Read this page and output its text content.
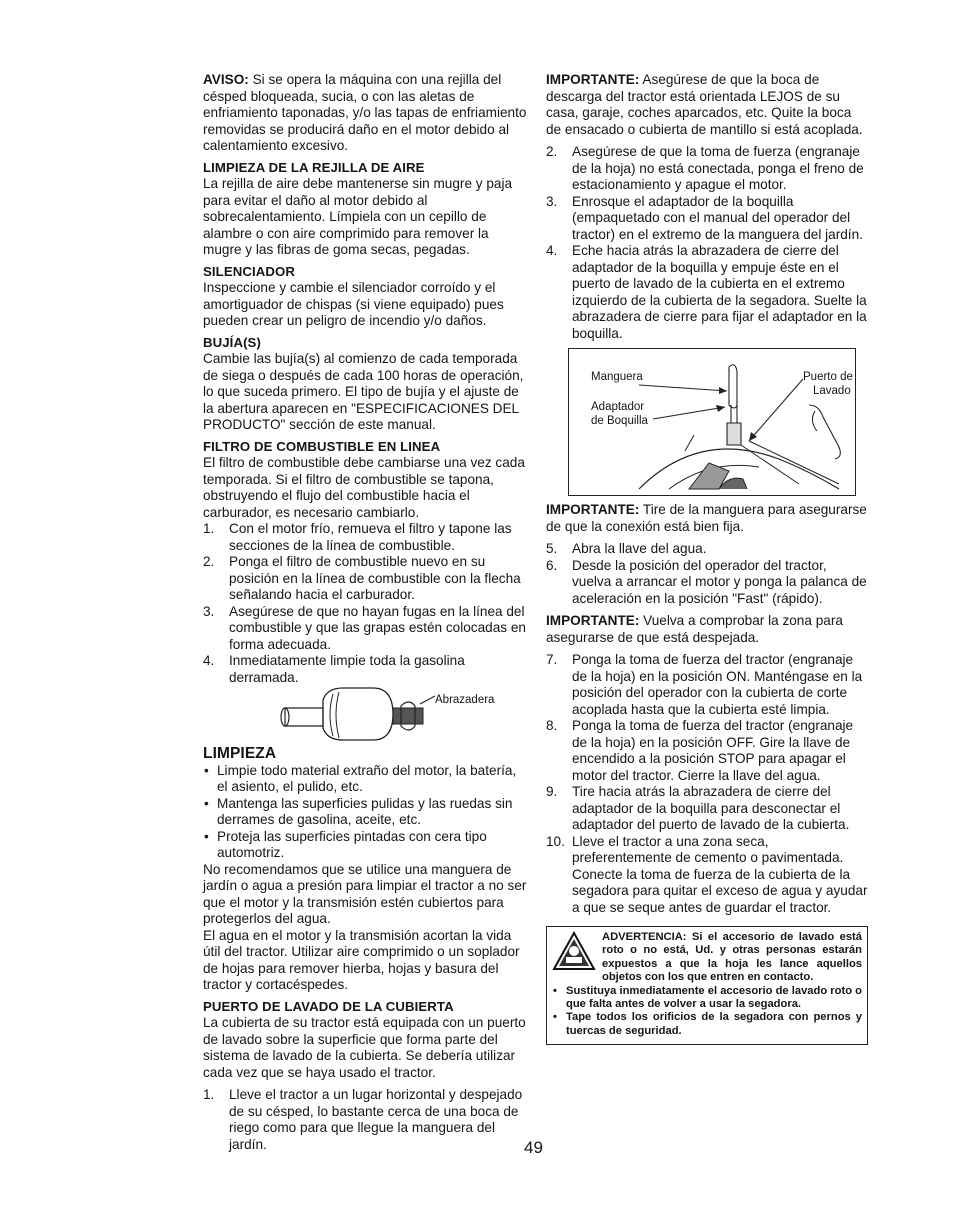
AVISO: Si se opera la máquina con una rejilla del césped bloqueada, sucia, o con las aletas de enfriamiento taponadas, y/o las tapas de enfriamiento removidas se producirá daño en el motor debido al calentamiento excesivo.

LIMPIEZA DE LA REJILLA DE AIRE

La rejilla de aire debe mantenerse sin mugre y paja para evitar el daño al motor debido al sobrecalentamiento. Límpiela con un cepillo de alambre o con aire comprimido para remover la mugre y las fibras de goma secas, pegadas.

SILENCIADOR

Inspeccione y cambie el silenciador corroído y el amortiguador de chispas (si viene equipado) pues pueden crear un peligro de incendio y/o daños.

BUJÍA(S)

Cambie las bujía(s) al comienzo de cada temporada de siega o después de cada 100 horas de operación, lo que suceda primero. El tipo de bujía y el ajuste de la abertura aparecen en "ESPECIFICACIONES DEL PRODUCTO" sección de este manual.

FILTRO DE COMBUSTIBLE EN LINEA

El filtro de combustible debe cambiarse una vez cada temporada. Si el filtro de combustible se tapona, obstruyendo el flujo del combustible hacia el carburador, es necesario cambiarlo.

1. Con el motor frío, remueva el filtro y tapone las secciones de la línea de combustible.
2. Ponga el filtro de combustible nuevo en su posición en la línea de combustible con la flecha señalando hacia el carburador.
3. Asegúrese de que no hayan fugas en la línea del combustible y que las grapas estén colocadas en forma adecuada.
4. Inmediatamente limpie toda la gasolina derramada.
Abrazadera

LIMPIEZA

• Limpie todo material extraño del motor, la batería, el asiento, el pulido, etc.
• Mantenga las superficies pulidas y las ruedas sin derrames de gasolina, aceite, etc.
• Proteja las superficies pintadas con cera tipo automotriz.

No recomendamos que se utilice una manguera de jardín o agua a presión para limpiar el tractor a no ser que el motor y la transmisión estén cubiertos para protegerlos del agua.

El agua en el motor y la transmisión acortan la vida útil del tractor. Utilizar aire comprimido o un soplador de hojas para remover hierba, hojas y basura del tractor y cortacéspedes.

PUERTO DE LAVADO DE LA CUBIERTA

La cubierta de su tractor está equipada con un puerto de lavado sobre la superficie que forma parte del sistema de lavado de la cubierta. Se debería utilizar cada vez que se haya usado el tractor.

1. Lleve el tractor a un lugar horizontal y despejado de su césped, lo bastante cerca de una boca de riego como para que llegue la manguera del jardín.

IMPORTANTE: Asegúrese de que la boca de descarga del tractor está orientada LEJOS de su casa, garaje, coches aparcados, etc. Quite la boca de ensacado o cubierta de mantillo si está acoplada.

2. Asegúrese de que la toma de fuerza (engranaje de la hoja) no está conectada, ponga el freno de estacionamiento y apague el motor.
3. Enrosque el adaptador de la boquilla (empaquetado con el manual del operador del tractor) en el extremo de la manguera del jardín.
4. Eche hacia atrás la abrazadera de cierre del adaptador de la boquilla y empuje éste en el puerto de lavado de la cubierta en el extremo izquierdo de la cubierta de la segadora. Suelte la abrazadera de cierre para fijar el adaptador en la boquilla.
Manguera	Puerto de
Lavado
Adaptador
de Boquilla

IMPORTANTE: Tire de la manguera para asegurarse de que la conexión está bien fija.

5. Abra la llave del agua.
6. Desde la posición del operador del tractor, vuelva a arrancar el motor y ponga la palanca de aceleración en la posición "Fast" (rápido).

IMPORTANTE: Vuelva a comprobar la zona para asegurarse de que está despejada.

7. Ponga la toma de fuerza del tractor (engranaje de la hoja) en la posición ON. Manténgase en la posición del operador con la cubierta de corte acoplada hasta que la cubierta esté limpia.
8. Ponga la toma de fuerza del tractor (engranaje de la hoja) en la posición OFF. Gire la llave de encendido a la posición STOP para apagar el motor del tractor. Cierre la llave del agua.
9. Tire hacia atrás la abrazadera de cierre del adaptador de la boquilla para desconectar el adaptador del puerto de lavado de la cubierta.
10. Lleve el tractor a una zona seca, preferentemente de cemento o pavimentada. Conecte la toma de fuerza de la cubierta de la segadora para quitar el exceso de agua y ayudar a que se seque antes de guardar el tractor.

ADVERTENCIA: Si el accesorio de lavado está roto o no está, Ud. y otras personas estarán expuestos a que la hoja les lance aquellos objetos con los que entren en contacto.

• Sustituya inmediatamente el accesorio de lavado roto o que falta antes de volver a usar la segadora.
• Tape todos los orificios de la segadora con pernos y tuercas de seguridad.
49
